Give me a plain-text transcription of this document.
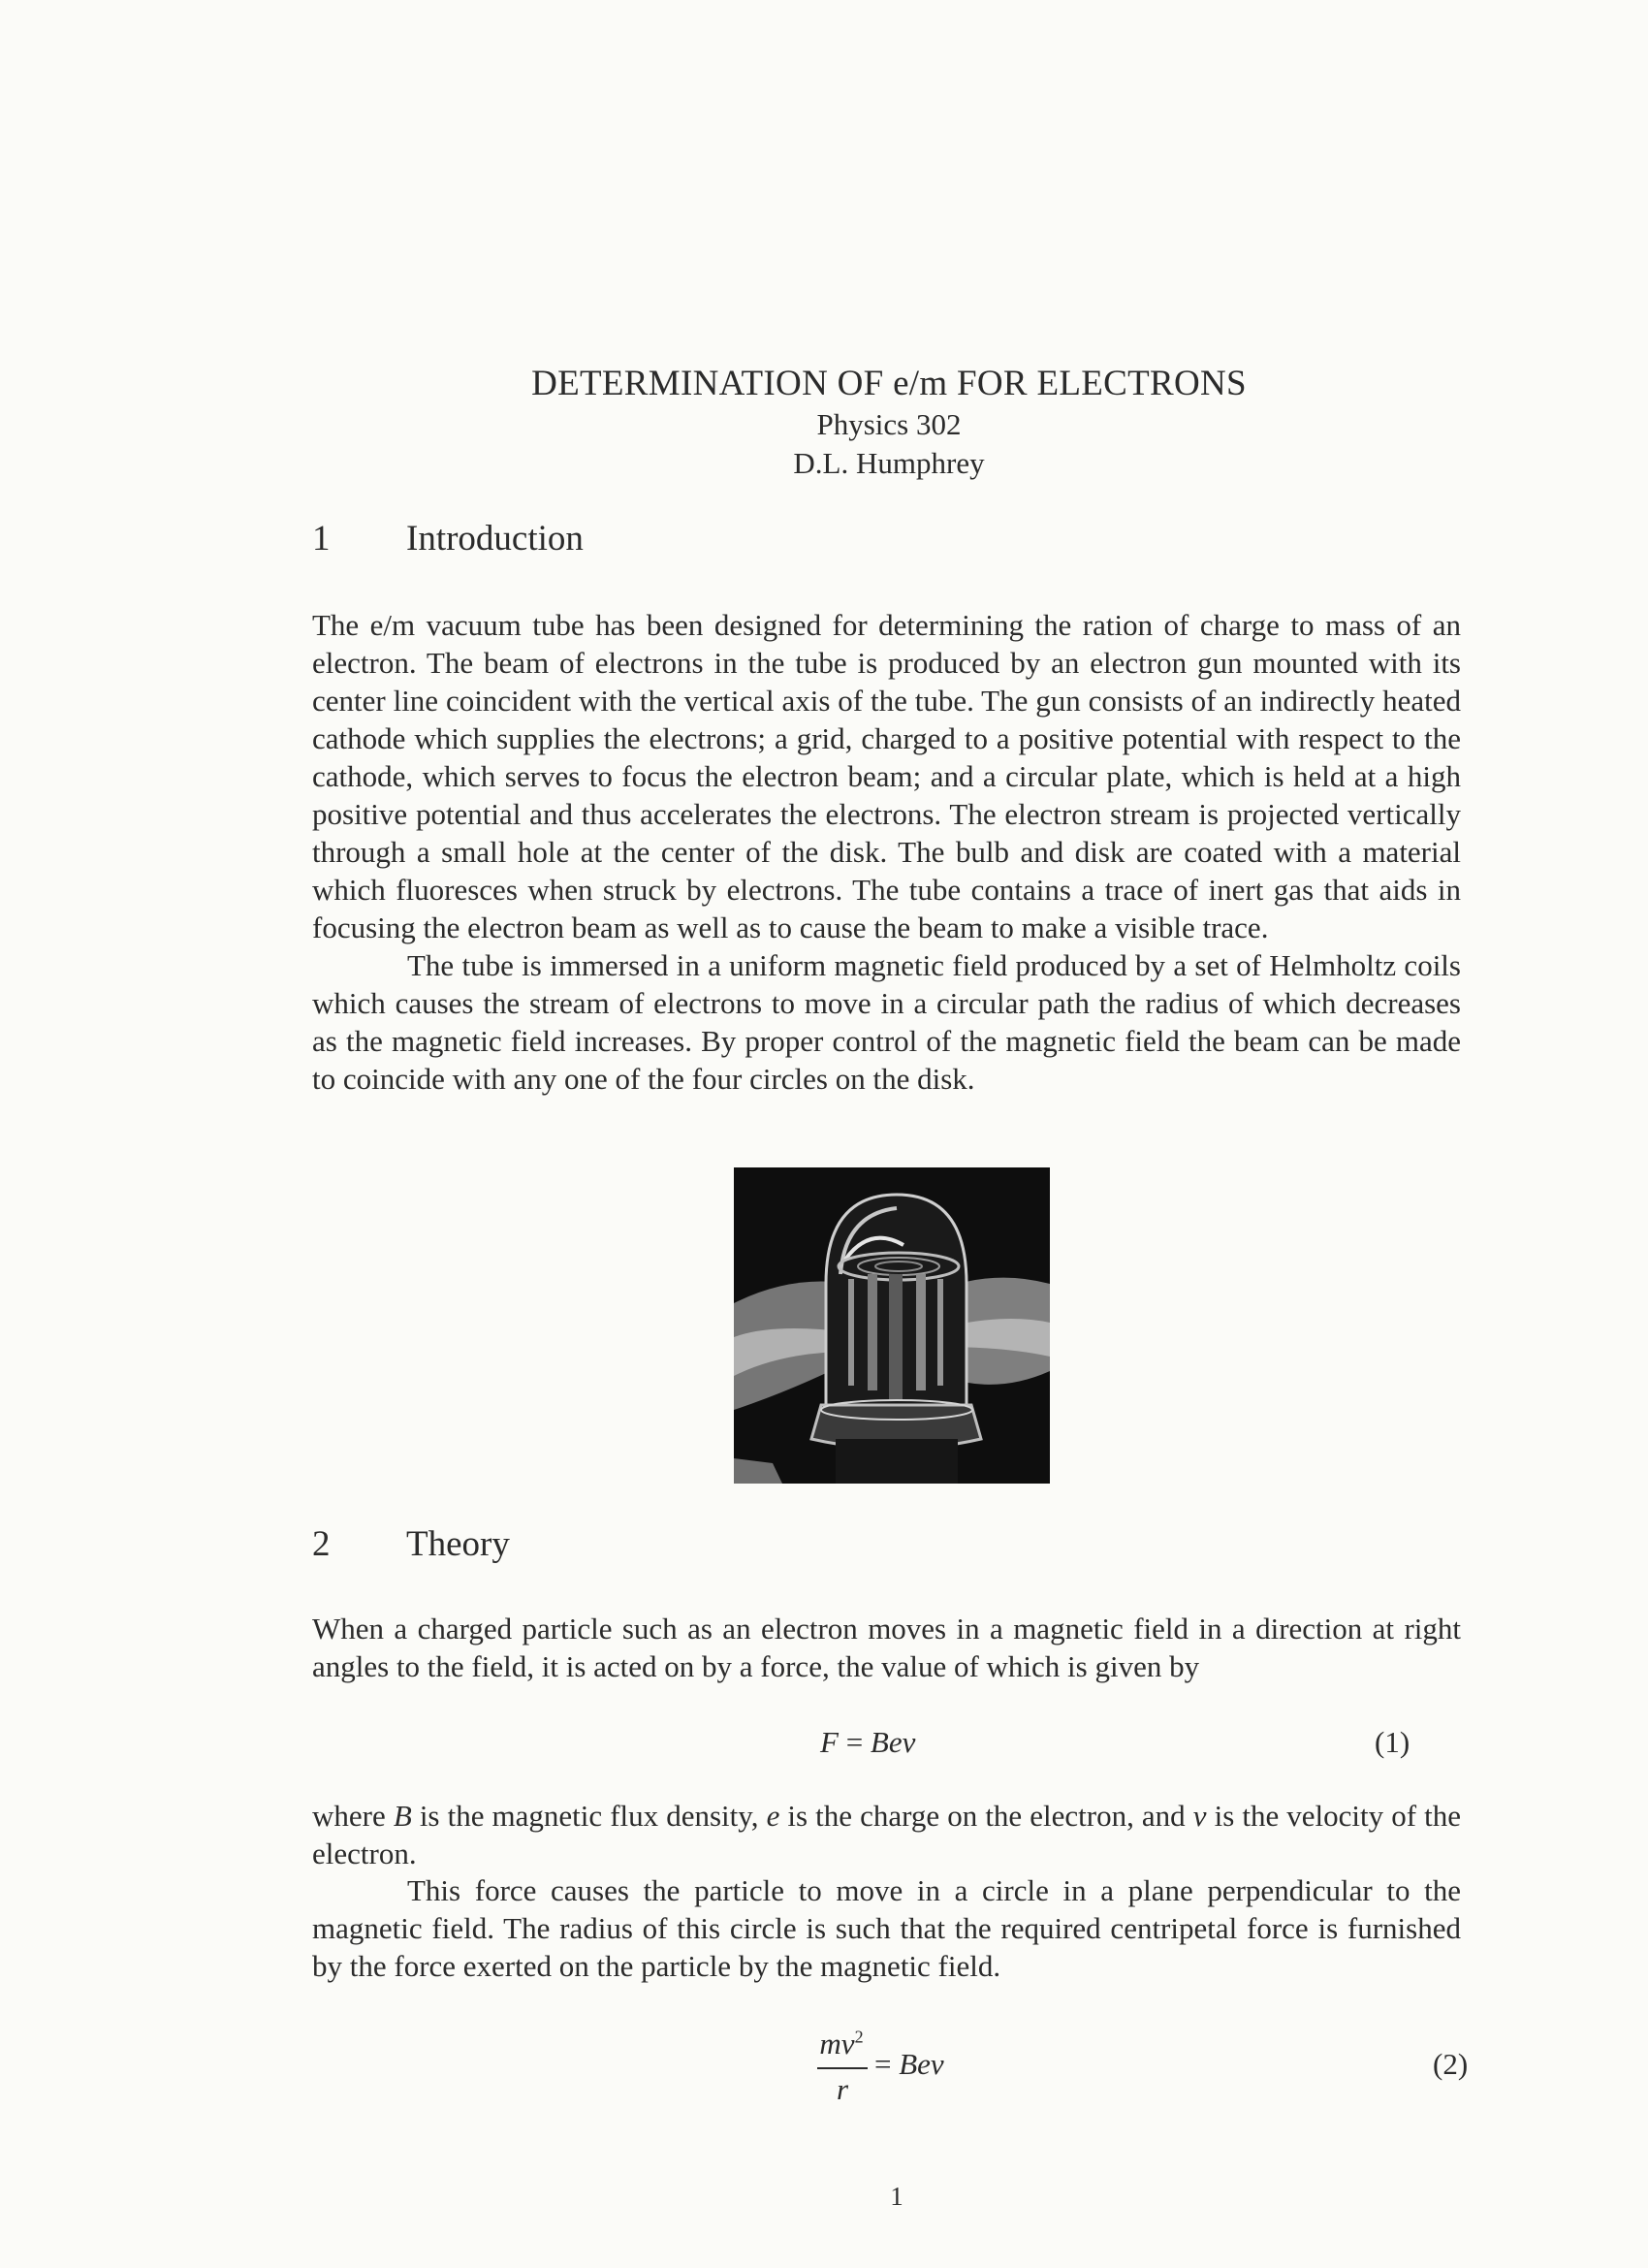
DETERMINATION OF e/m FOR ELECTRONS
Physics 302
D.L. Humphrey
1 Introduction

The e/m vacuum tube has been designed for determining the ration of charge to mass of an electron. The beam of electrons in the tube is produced by an electron gun mounted with its center line coincident with the vertical axis of the tube. The gun consists of an indirectly heated cathode which supplies the electrons; a grid, charged to a positive potential with respect to the cathode, which serves to focus the electron beam; and a circular plate, which is held at a high positive potential and thus accelerates the electrons. The electron stream is projected vertically through a small hole at the center of the disk. The bulb and disk are coated with a material which fluoresces when struck by electrons. The tube contains a trace of inert gas that aids in focusing the electron beam as well as to cause the beam to make a visible trace.

The tube is immersed in a uniform magnetic field produced by a set of Helmholtz coils which causes the stream of electrons to move in a circular path the radius of which decreases as the magnetic field increases. By proper control of the magnetic field the beam can be made to coincide with any one of the four circles on the disk.

2 Theory

When a charged particle such as an electron moves in a magnetic field in a direction at right angles to the field, it is acted on by a force, the value of which is given by

F = Bev	(1)

where B is the magnetic flux density, e is the charge on the electron, and v is the velocity of the electron.

This force causes the particle to move in a circle in a plane perpendicular to the magnetic field. The radius of this circle is such that the required centripetal force is furnished by the force exerted on the particle by the magnetic field.

$mv^2$
r
= Bev	(2)
1
